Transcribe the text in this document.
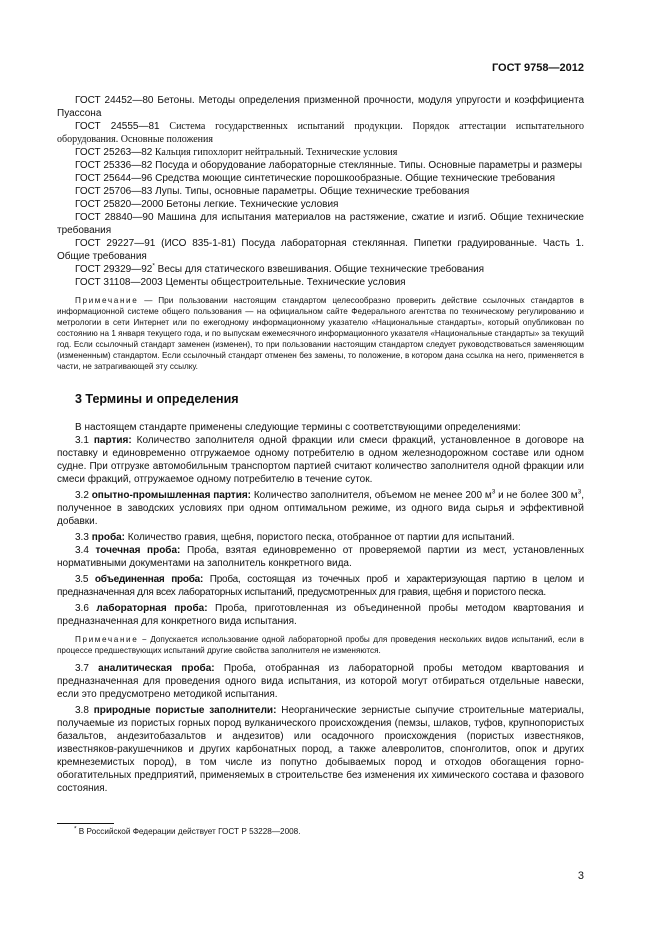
ГОСТ 9758—2012

ГОСТ 24452—80 Бетоны. Методы определения призменной прочности, модуля упругости и коэффициента Пуассона

ГОСТ 24555—81 Система государственных испытаний продукции. Порядок аттестации испытательного оборудования. Основные положения

ГОСТ 25263—82 Кальция гипохлорит нейтральный. Технические условия

ГОСТ 25336—82 Посуда и оборудование лабораторные стеклянные. Типы. Основные параметры и размеры

ГОСТ 25644—96 Средства моющие синтетические порошкообразные. Общие технические требования

ГОСТ 25706—83 Лупы. Типы, основные параметры. Общие технические требования

ГОСТ 25820—2000 Бетоны легкие. Технические условия

ГОСТ 28840—90 Машина для испытания материалов на растяжение, сжатие и изгиб. Общие технические требования

ГОСТ 29227—91 (ИСО 835-1-81) Посуда лабораторная стеклянная. Пипетки градуированные. Часть 1. Общие требования

ГОСТ 29329—92* Весы для статического взвешивания. Общие технические требования

ГОСТ 31108—2003 Цементы общестроительные. Технические условия

Примечание — При пользовании настоящим стандартом целесообразно проверить действие ссылочных стандартов в информационной системе общего пользования — на официальном сайте Федерального агентства по техническому регулированию и метрологии в сети Интернет или по ежегодному информационному указателю «Национальные стандарты», который опубликован по состоянию на 1 января текущего года, и по выпускам ежемесячного информационного указателя «Национальные стандарты» за текущий год. Если ссылочный стандарт заменен (изменен), то при пользовании настоящим стандартом следует руководствоваться заменяющим (измененным) стандартом. Если ссылочный стандарт отменен без замены, то положение, в котором дана ссылка на него, применяется в части, не затрагивающей эту ссылку.

3 Термины и определения

В настоящем стандарте применены следующие термины с соответствующими определениями:

3.1 партия: Количество заполнителя одной фракции или смеси фракций, установленное в договоре на поставку и единовременно отгружаемое одному потребителю в одном железнодорожном составе или одном судне. При отгрузке автомобильным транспортом партией считают количество заполнителя одной фракции или смеси фракций, отгружаемое одному потребителю в течение суток.

3.2 опытно-промышленная партия: Количество заполнителя, объемом не менее 200 $м^3$ и не более 300 $м^3$, полученное в заводских условиях при одном оптимальном режиме, из одного вида сырья и эффективной добавки.

3.3 проба: Количество гравия, щебня, пористого песка, отобранное от партии для испытаний.

3.4 точечная проба: Проба, взятая единовременно от проверяемой партии из мест, установленных нормативными документами на заполнитель конкретного вида.

3.5 объединенная проба: Проба, состоящая из точечных проб и характеризующая партию в целом и предназначенная для всех лабораторных испытаний, предусмотренных для гравия, щебня и пористого песка.

3.6 лабораторная проба: Проба, приготовленная из объединенной пробы методом квартования и предназначенная для конкретного вида испытания.

Примечание − Допускается использование одной лабораторной пробы для проведения нескольких видов испытаний, если в процессе предшествующих испытаний другие свойства заполнителя не изменяются.

3.7 аналитическая проба: Проба, отобранная из лабораторной пробы методом квартования и предназначенная для проведения одного вида испытания, из которой могут отбираться отдельные навески, если это предусмотрено методикой испытания.

3.8 природные пористые заполнители: Неорганические зернистые сыпучие строительные материалы, получаемые из пористых горных пород вулканического происхождения (пемзы, шлаков, туфов, крупнопористых базальтов, андезитобазальтов и андезитов) или осадочного происхождения (пористых известняков, известняков-ракушечников и других карбонатных пород, а также алевролитов, спонголитов, опок и других кремнеземистых пород), в том числе из попутно добываемых пород и отходов обогащения горно-обогатительных предприятий, применяемых в строительстве без изменения их химического состава и фазового состояния.

* В Российской Федерации действует ГОСТ Р 53228—2008.
3
